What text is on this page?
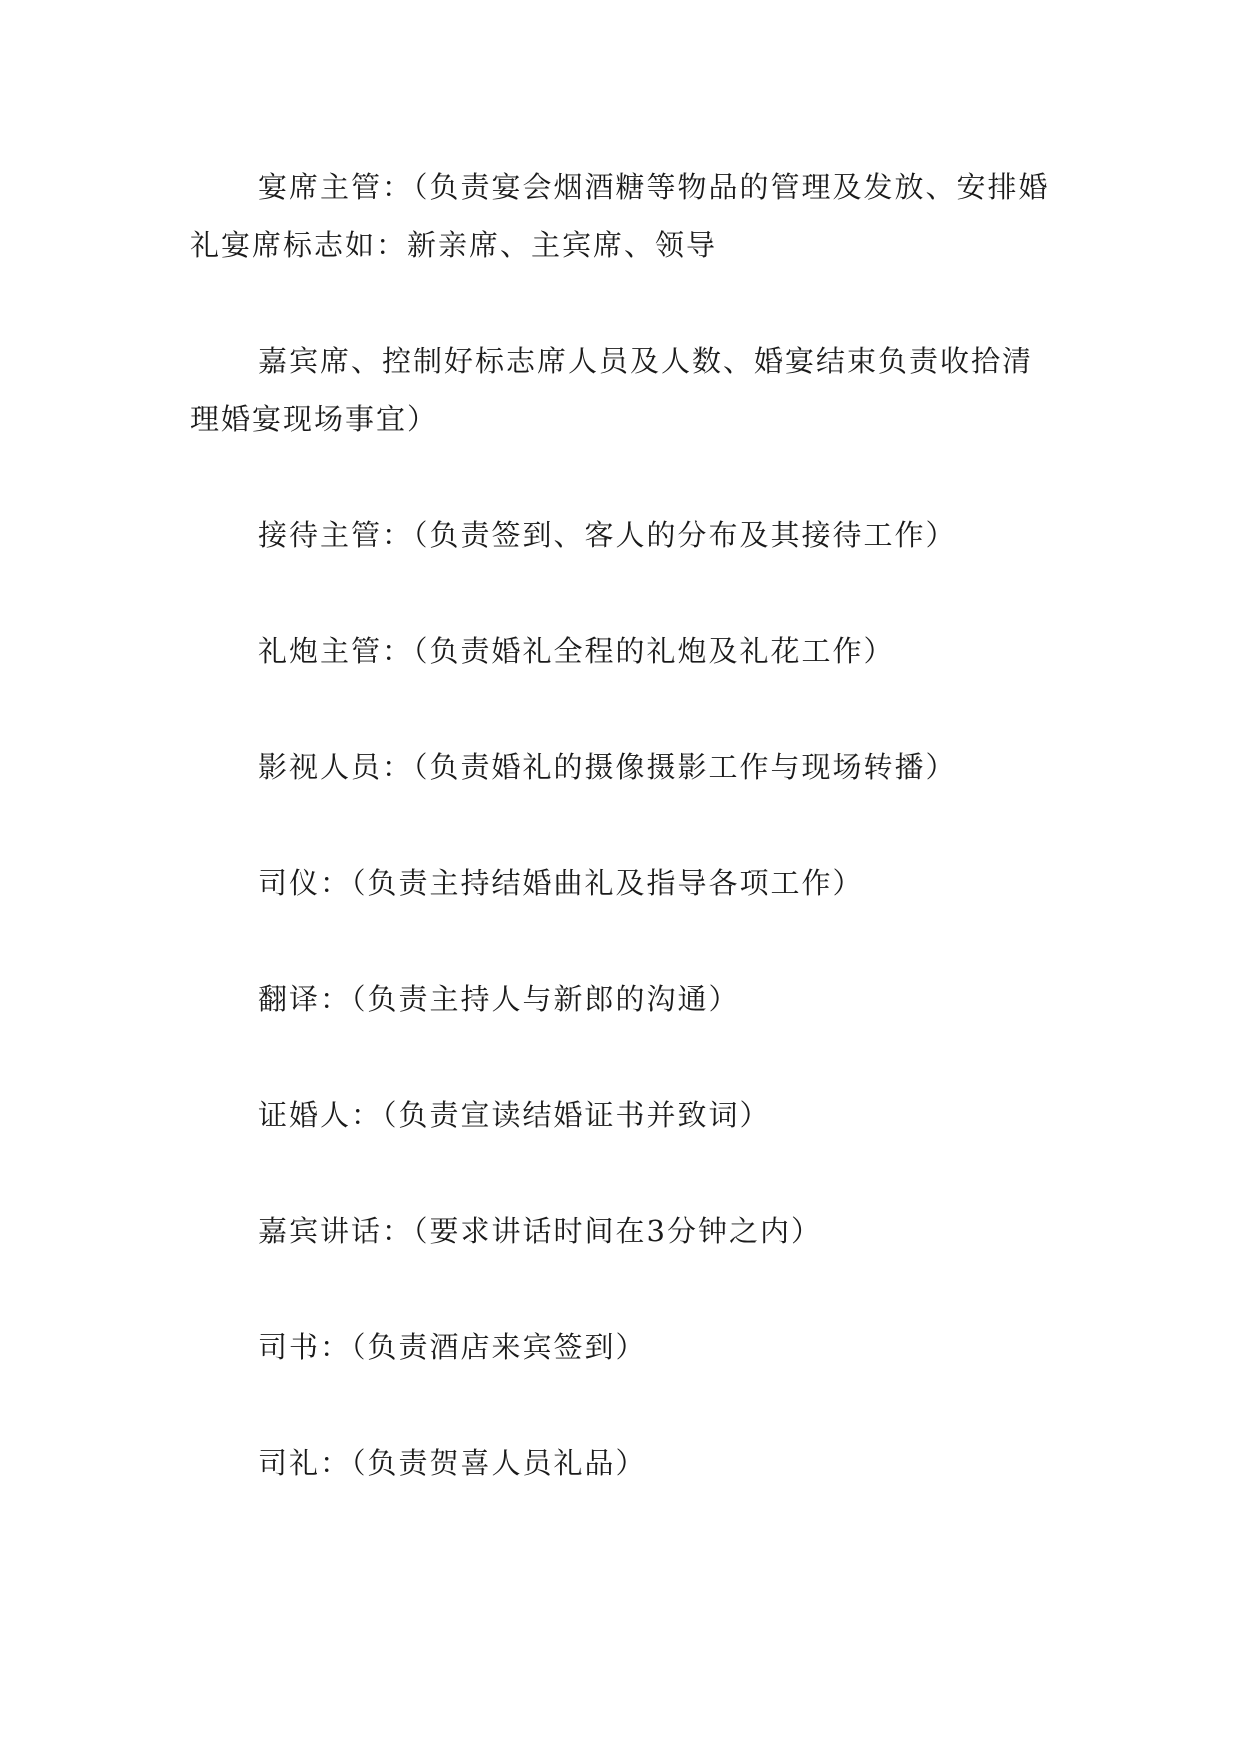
宴席主管：（负责宴会烟酒糖等物品的管理及发放、安排婚礼宴席标志如：新亲席、主宾席、领导

嘉宾席、控制好标志席人员及人数、婚宴结束负责收拾清理婚宴现场事宜）

接待主管：（负责签到、客人的分布及其接待工作）

礼炮主管：（负责婚礼全程的礼炮及礼花工作）

影视人员：（负责婚礼的摄像摄影工作与现场转播）

司仪：（负责主持结婚曲礼及指导各项工作）

翻译：（负责主持人与新郎的沟通）

证婚人：（负责宣读结婚证书并致词）

嘉宾讲话：（要求讲话时间在3分钟之内）

司书：（负责酒店来宾签到）

司礼：（负责贺喜人员礼品）
